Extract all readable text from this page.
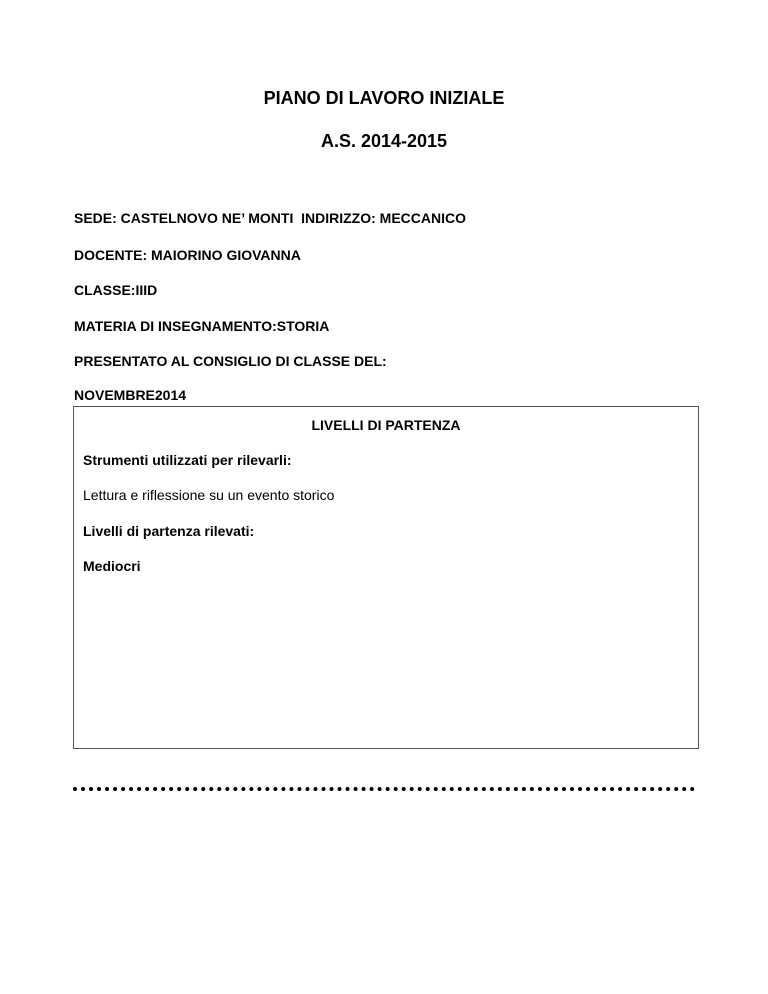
PIANO DI LAVORO INIZIALE
A.S. 2014-2015
SEDE: CASTELNOVO NE’ MONTI  INDIRIZZO: MECCANICO
DOCENTE: MAIORINO GIOVANNA
CLASSE:IIID
MATERIA DI INSEGNAMENTO:STORIA
PRESENTATO AL CONSIGLIO DI CLASSE DEL:
NOVEMBRE2014
LIVELLI DI PARTENZA
Strumenti utilizzati per rilevarli:
Lettura e riflessione su un evento storico
Livelli di partenza rilevati:
Mediocri
